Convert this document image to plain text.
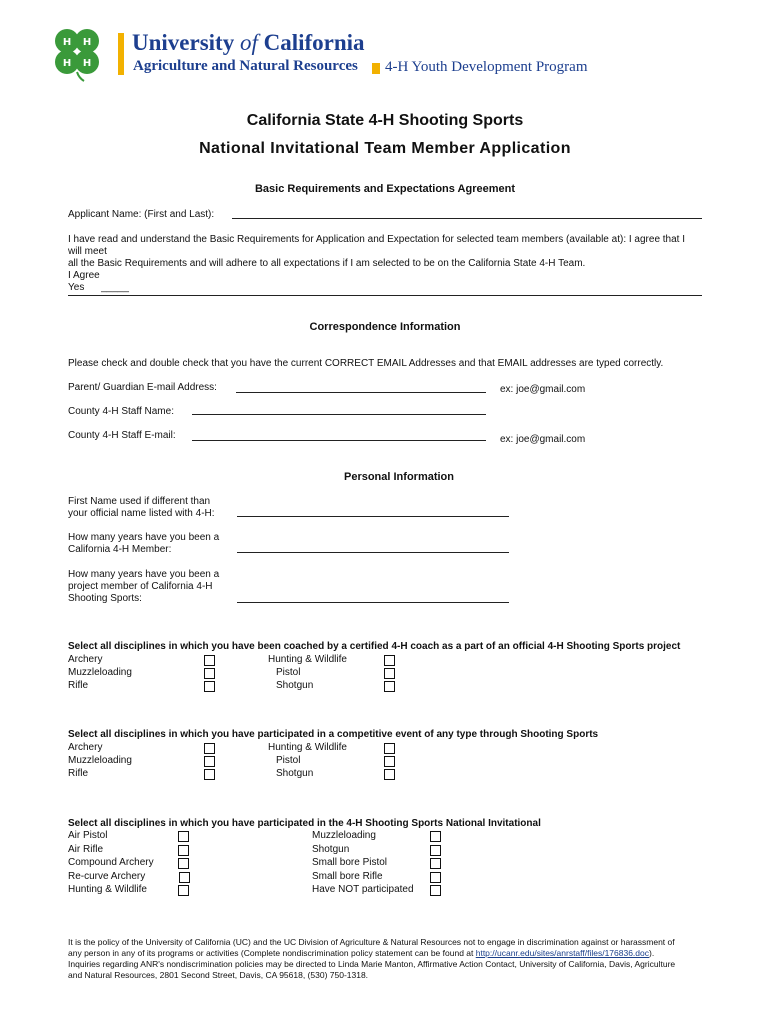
H H
H H
University of California
Agriculture and Natural Resources 4-H Youth Development Program
California State 4-H Shooting Sports
National Invitational Team Member Application
Basic Requirements and Expectations Agreement
Applicant Name: (First and Last):
I have read and understand the Basic Requirements for Application and Expectation for selected team members (available at): I agree that I
will meet
all the Basic Requirements and will adhere to all expectations if I am selected to be on the California State 4-H Team.
I Agree
Yes _____
Correspondence Information
Please check and double check that you have the current CORRECT EMAIL Addresses and that EMAIL addresses are typed correctly.
Parent/ Guardian E-mail Address:	ex: joe@gmail.com
County 4-H Staff Name:
County 4-H Staff E-mail:	ex: joe@gmail.com
Personal Information
First Name used if different than
your official name listed with 4-H:
How many years have you been a
California 4-H Member:
How many years have you been a
project member of California 4-H
Shooting Sports:
Select all disciplines in which you have been coached by a certified 4-H coach as a part of an official 4-H Shooting Sports project
Archery
Muzzleloading
Rifle
Hunting & Wildlife
Pistol
Shotgun
Select all disciplines in which you have participated in a competitive event of any type through Shooting Sports
Archery
Muzzleloading
Rifle
Hunting & Wildlife
Pistol
Shotgun
Select all disciplines in which you have participated in the 4-H Shooting Sports National Invitational
Air Pistol
Air Rifle
Compound Archery
Re-curve Archery
Hunting & Wildlife
Muzzleloading
Shotgun
Small bore Pistol
Small bore Rifle
Have NOT participated
It is the policy of the University of California (UC) and the UC Division of Agriculture & Natural Resources not to engage in discrimination against or harassment of
any person in any of its programs or activities (Complete nondiscrimination policy statement can be found at http://ucanr.edu/sites/anrstaff/files/176836.doc).
Inquiries regarding ANR's nondiscrimination policies may be directed to Linda Marie Manton, Affirmative Action Contact, University of California, Davis, Agriculture
and Natural Resources, 2801 Second Street, Davis, CA 95618, (530) 750-1318.
